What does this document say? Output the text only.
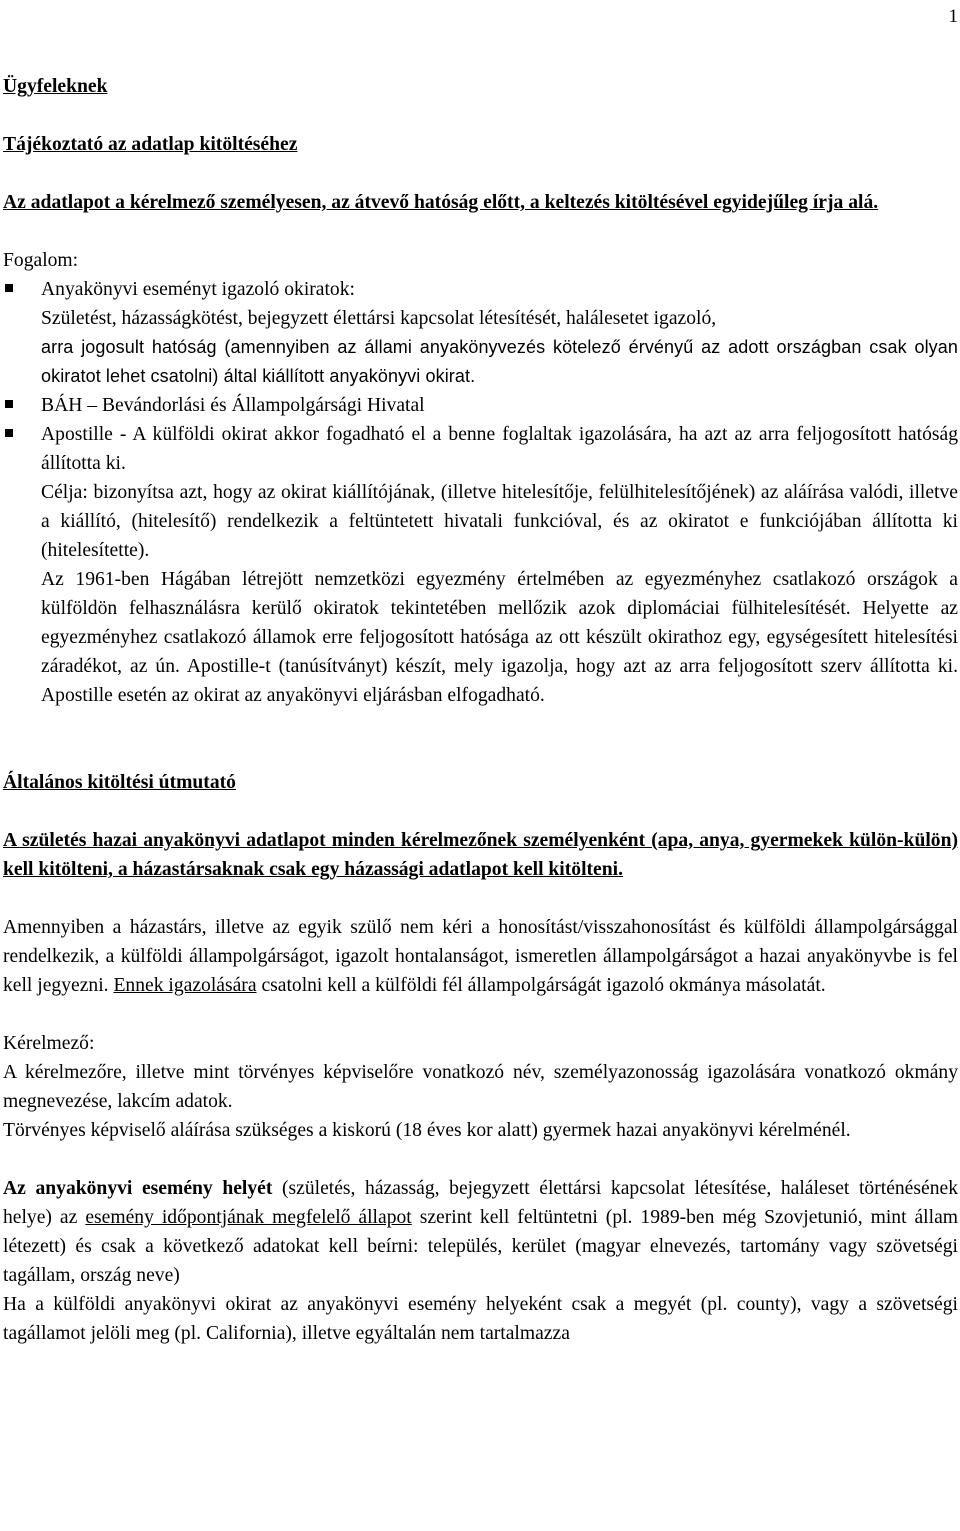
1
Ügyfeleknek
Tájékoztató az adatlap kitöltéséhez
Az adatlapot a kérelmező személyesen, az átvevő hatóság előtt, a keltezés kitöltésével egyidejűleg írja alá.
Fogalom:
Anyakönyvi eseményt igazoló okiratok:
Születést, házasságkötést, bejegyzett élettársi kapcsolat létesítését, halálesetet igazoló,
arra jogosult hatóság (amennyiben az állami anyakönyvezés kötelező érvényű az adott országban csak olyan okiratot lehet csatolni) által kiállított anyakönyvi okirat.
BÁH – Bevándorlási és Állampolgársági Hivatal
Apostille - A külföldi okirat akkor fogadható el a benne foglaltak igazolására, ha azt az arra feljogosított hatóság állította ki.
Célja: bizonyítsa azt, hogy az okirat kiállítójának, (illetve hitelesítője, felülhitelesítőjének) az aláírása valódi, illetve a kiállító, (hitelesítő) rendelkezik a feltüntetett hivatali funkcióval, és az okiratot e funkciójában állította ki (hitelesítette).
Az 1961-ben Hágában létrejött nemzetközi egyezmény értelmében az egyezményhez csatlakozó országok a külföldön felhasználásra kerülő okiratok tekintetében mellőzik azok diplomáciai fülhitelesítését. Helyette az egyezményhez csatlakozó államok erre feljogosított hatósága az ott készült okirathoz egy, egységesített hitelesítési záradékot, az ún. Apostille-t (tanúsítványt) készít, mely igazolja, hogy azt az arra feljogosított szerv állította ki. Apostille esetén az okirat az anyakönyvi eljárásban elfogadható.
Általános kitöltési útmutató
A születés hazai anyakönyvi adatlapot minden kérelmezőnek személyenként (apa, anya, gyermekek külön-külön) kell kitölteni, a házastársaknak csak egy házassági adatlapot kell kitölteni.
Amennyiben a házastárs, illetve az egyik szülő nem kéri a honosítást/visszahonosítást és külföldi állampolgársággal rendelkezik, a külföldi állampolgárságot, igazolt hontalanságot, ismeretlen állampolgárságot a hazai anyakönyvbe is fel kell jegyezni. Ennek igazolására csatolni kell a külföldi fél állampolgárságát igazoló okmánya másolatát.
Kérelmező:
A kérelmezőre, illetve mint törvényes képviselőre vonatkozó név, személyazonosság igazolására vonatkozó okmány megnevezése, lakcím adatok.
Törvényes képviselő aláírása szükséges a kiskorú (18 éves kor alatt) gyermek hazai anyakönyvi kérelménél.
Az anyakönyvi esemény helyét (születés, házasság, bejegyzett élettársi kapcsolat létesítése, haláleset történésének helye) az esemény időpontjának megfelelő állapot szerint kell feltüntetni (pl. 1989-ben még Szovjetunió, mint állam létezett) és csak a következő adatokat kell beírni: település, kerület (magyar elnevezés, tartomány vagy szövetségi tagállam, ország neve)
Ha a külföldi anyakönyvi okirat az anyakönyvi esemény helyeként csak a megyét (pl. county), vagy a szövetségi tagállamot jelöli meg (pl. California), illetve egyáltalán nem tartalmazza
